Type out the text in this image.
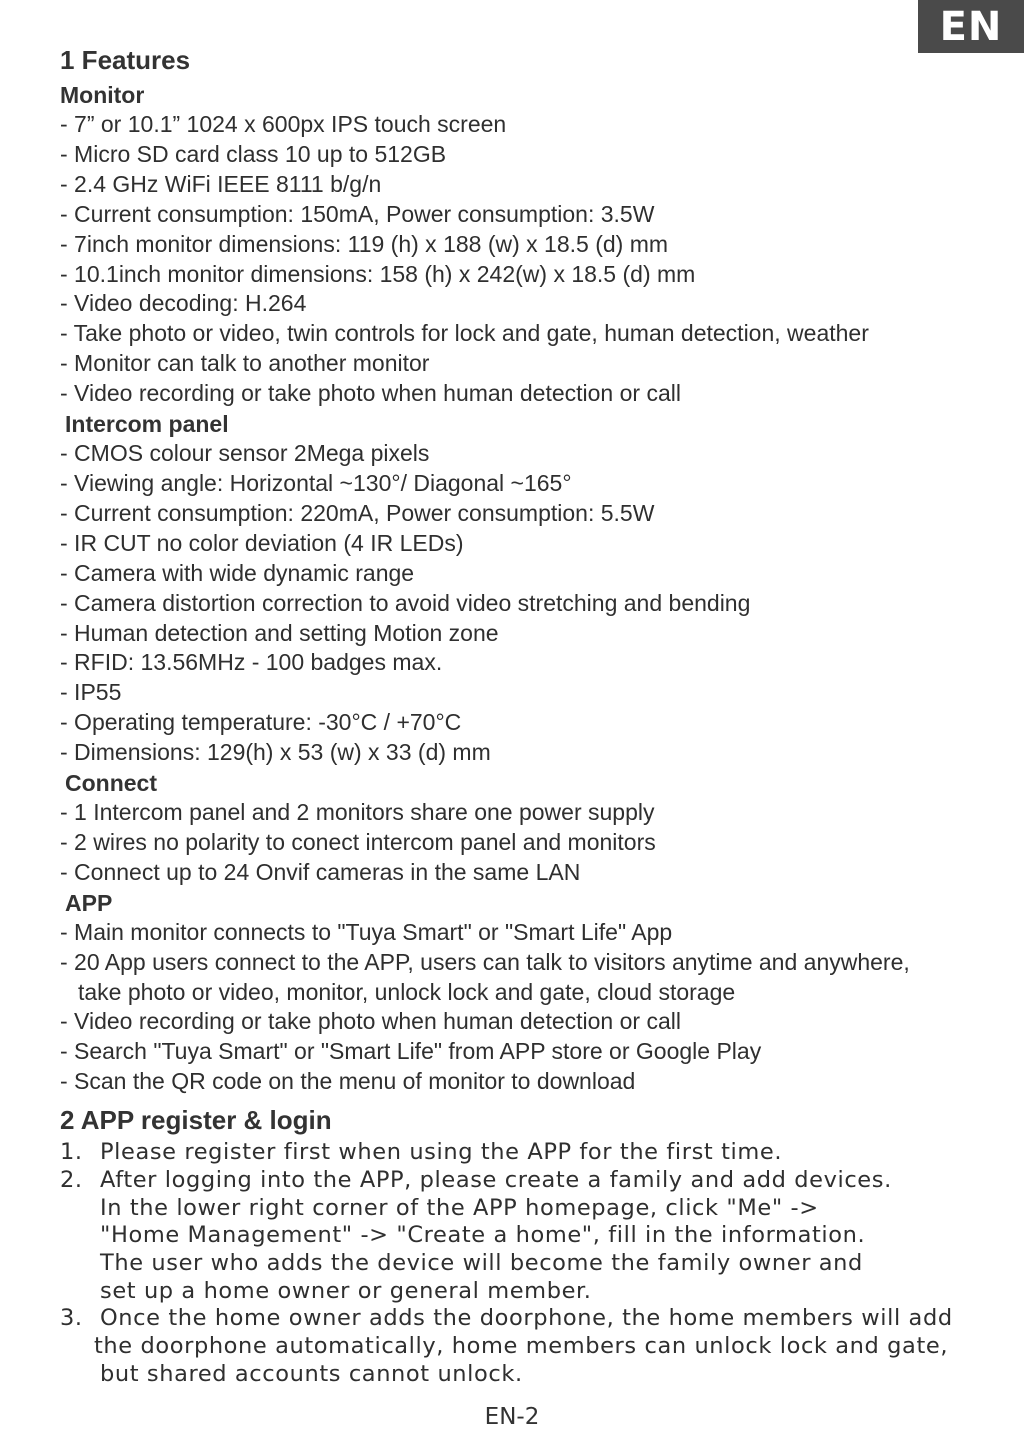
EN

1 Features

Monitor

- 7” or 10.1” 1024 x 600px IPS touch screen

- Micro SD card class 10 up to 512GB

- 2.4 GHz WiFi IEEE 8111 b/g/n

- Current consumption: 150mA, Power consumption: 3.5W

- 7inch monitor dimensions: 119 (h) x 188 (w) x 18.5 (d) mm

- 10.1inch monitor dimensions: 158 (h) x 242(w) x 18.5 (d) mm

- Video decoding: H.264

- Take photo or video, twin controls for lock and gate, human detection, weather

- Monitor can talk to another monitor

- Video recording or take photo when human detection or call

Intercom panel

- CMOS colour sensor 2Mega pixels

- Viewing angle: Horizontal ~130°/ Diagonal ~165°

- Current consumption: 220mA, Power consumption: 5.5W

- IR CUT no color deviation (4 IR LEDs)

- Camera with wide dynamic range

- Camera distortion correction to avoid video stretching and bending

- Human detection and setting Motion zone

- RFID: 13.56MHz - 100 badges max.

- IP55

- Operating temperature: -30°C / +70°C

- Dimensions: 129(h) x 53 (w) x 33 (d) mm

Connect

- 1 Intercom panel and 2 monitors share one power supply

- 2 wires no polarity to conect intercom panel and monitors

- Connect up to 24 Onvif cameras in the same LAN

APP

- Main monitor connects to "Tuya Smart" or "Smart Life" App

- 20 App users connect to the APP, users can talk to visitors anytime and anywhere,

take photo or video, monitor, unlock lock and gate, cloud storage

- Video recording or take photo when human detection or call

- Search "Tuya Smart" or "Smart Life" from APP store or Google Play

- Scan the QR code on the menu of monitor to download

2 APP register & login

1. Please register first when using the APP for the first time.

2. After logging into the APP, please create a family and add devices.

In the lower right corner of the APP homepage, click "Me" ->

"Home Management" -> "Create a home", fill in the information.

The user who adds the device will become the family owner and

set up a home owner or general member.

3. Once the home owner adds the doorphone, the home members will add

the doorphone automatically, home members can unlock lock and gate,

but shared accounts cannot unlock.

EN-2
